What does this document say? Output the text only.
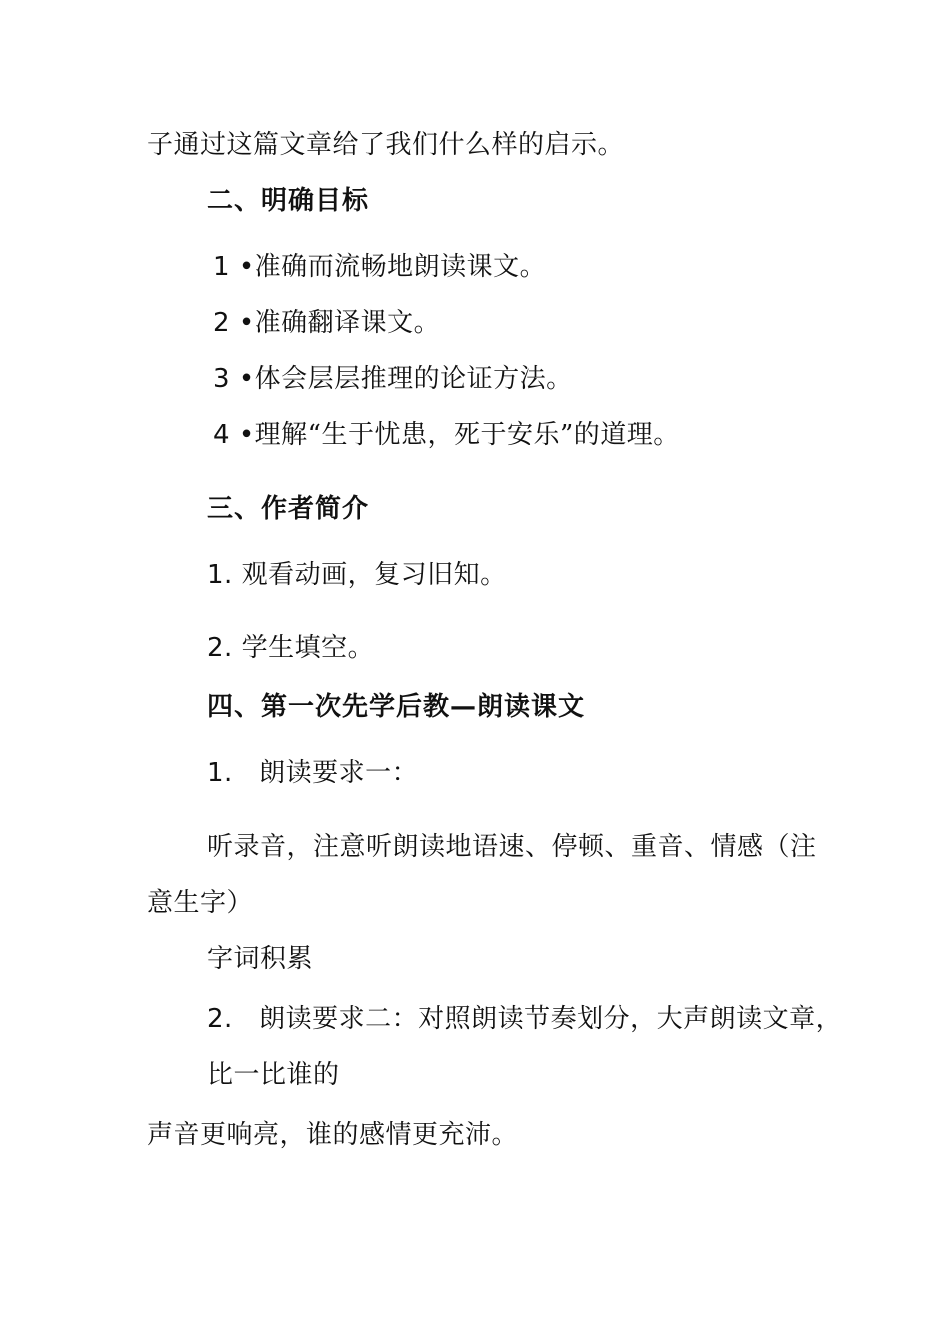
子通过这篇文章给了我们什么样的启示。

二、明确目标

1 •准确而流畅地朗读课文。

2 •准确翻译课文。

3 •体会层层推理的论证方法。

4 •理解“生于忧患，死于安乐”的道理。

三、作者简介

1. 观看动画，复习旧知。

2. 学生填空。

四、第一次先学后教—朗读课文

1. 朗读要求一：

听录音，注意听朗读地语速、停顿、重音、情感（注

意生字）

字词积累

2. 朗读要求二：对照朗读节奏划分，大声朗读文章，

比一比谁的

声音更响亮，谁的感情更充沛。
